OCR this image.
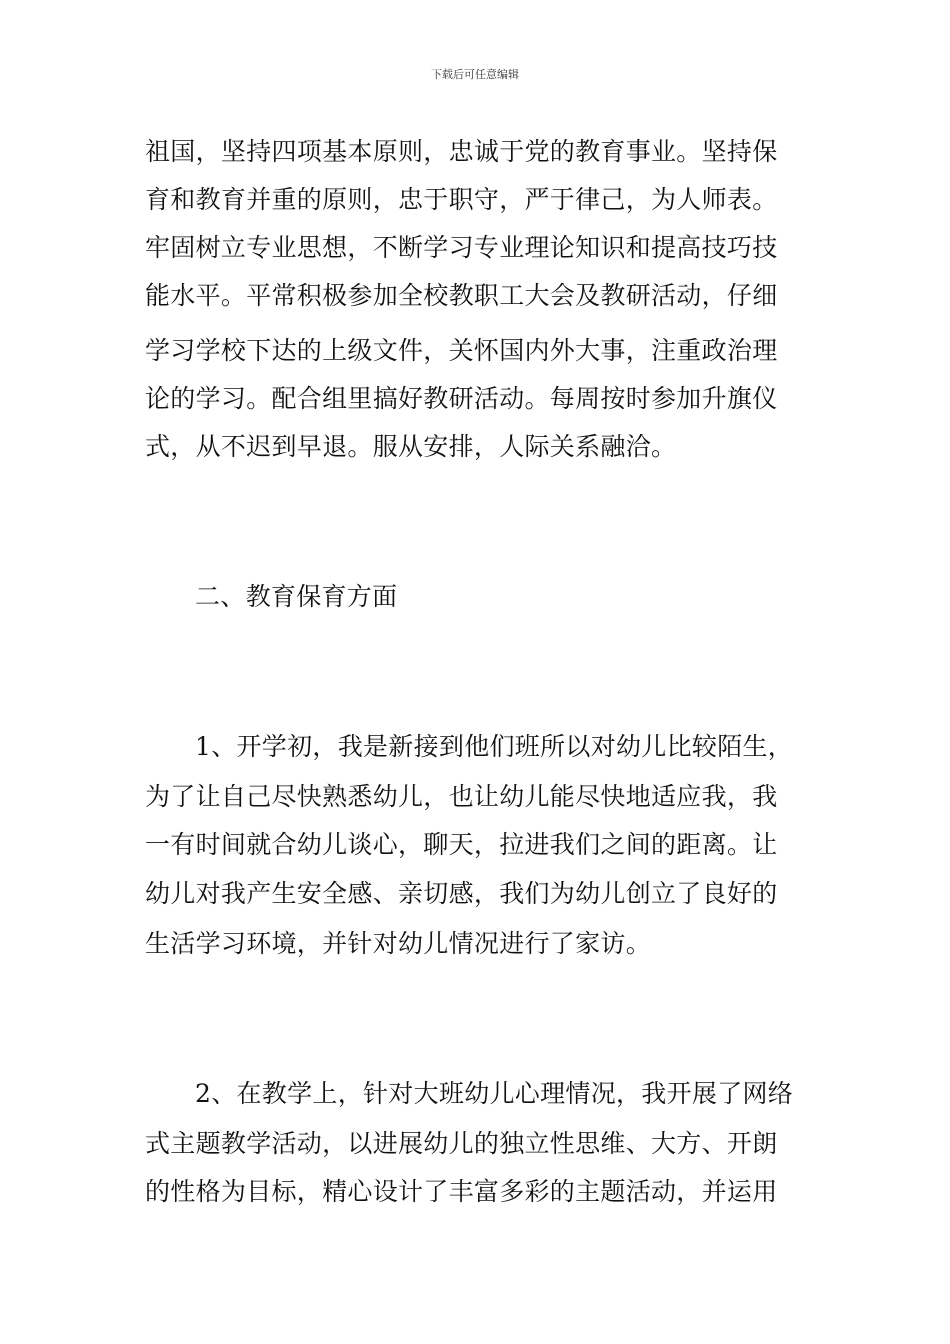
下载后可任意编辑
祖国，坚持四项基本原则，忠诚于党的教育事业。坚持保
育和教育并重的原则，忠于职守，严于律己，为人师表。
牢固树立专业思想，不断学习专业理论知识和提高技巧技
能水平。平常积极参加全校教职工大会及教研活动，仔细
学习学校下达的上级文件，关怀国内外大事，注重政治理
论的学习。配合组里搞好教研活动。每周按时参加升旗仪
式，从不迟到早退。服从安排，人际关系融洽。
二、教育保育方面
1、开学初，我是新接到他们班所以对幼儿比较陌生，
为了让自己尽快熟悉幼儿，也让幼儿能尽快地适应我，我
一有时间就合幼儿谈心，聊天，拉进我们之间的距离。让
幼儿对我产生安全感、亲切感，我们为幼儿创立了良好的
生活学习环境，并针对幼儿情况进行了家访。
2、在教学上，针对大班幼儿心理情况，我开展了网络
式主题教学活动，以进展幼儿的独立性思维、大方、开朗
的性格为目标，精心设计了丰富多彩的主题活动，并运用
